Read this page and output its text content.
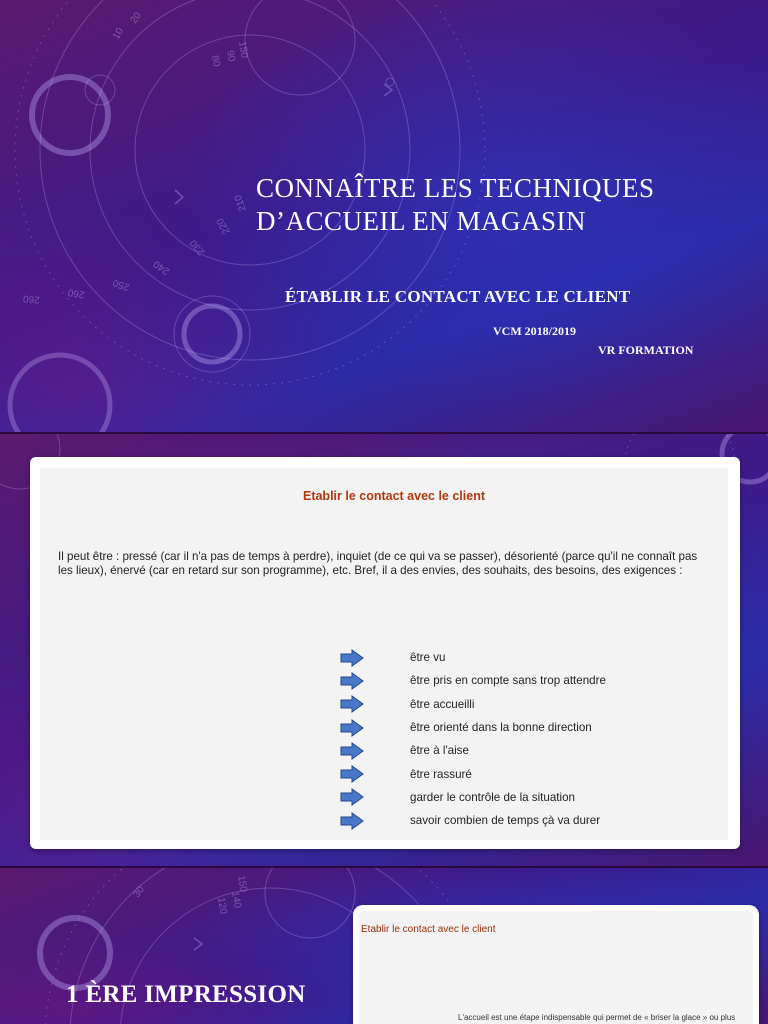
10
20
80 90 150
210
220
230
240
250
260
260
CONNAÎTRE LES TECHNIQUES D’ACCUEIL EN MAGASIN
ÉTABLIR LE CONTACT AVEC LE CLIENT
VCM 2018/2019
VR FORMATION
Etablir le contact avec le client
Il peut être : pressé (car il n'a pas de temps à perdre), inquiet (de ce qui va se passer), désorienté (parce qu'il ne connaît pas les lieux), énervé (car en retard sur son programme), etc. Bref, il a des envies, des souhaits, des besoins, des exigences :
être vu
être pris en compte sans trop attendre
être accueilli
être orienté dans la bonne direction
être à l'aise
être rassuré
garder le contrôle de la situation
savoir combien de temps çà va durer
120 140
150
30
1 ÈRE IMPRESSION
Etablir le contact avec le client
L'accueil est une étape indispensable qui permet de « briser la glace » ou plus
